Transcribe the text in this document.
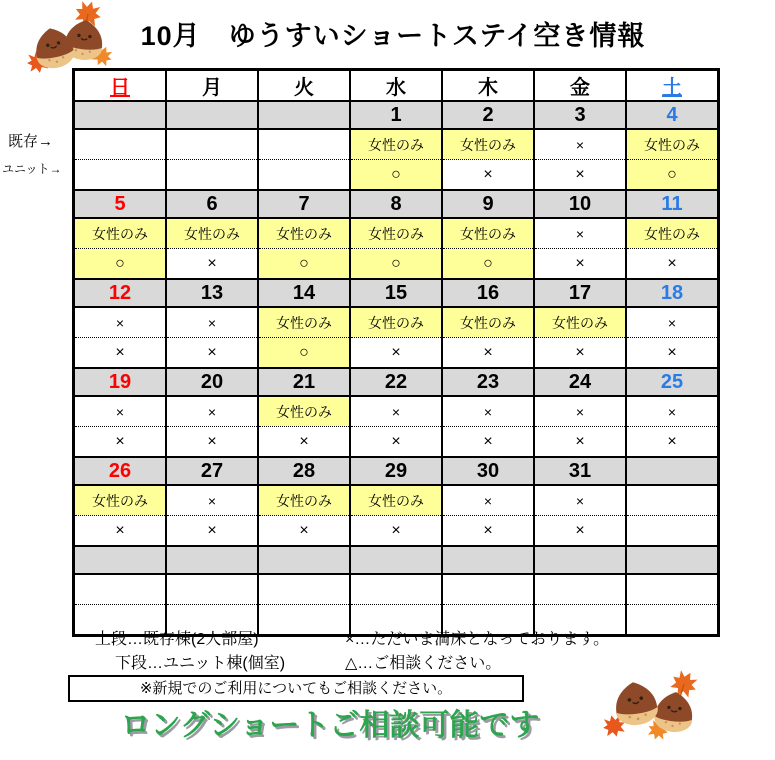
10月　ゆうすいショートステイ空き情報
既存→
ユニット→
日	月	火	水	木	金	土
			1	2	3	4
			女性のみ	女性のみ	×	女性のみ
			○	×	×	○
5	6	7	8	9	10	11
女性のみ	女性のみ	女性のみ	女性のみ	女性のみ	×	女性のみ
○	×	○	○	○	×	×
12	13	14	15	16	17	18
×	×	女性のみ	女性のみ	女性のみ	女性のみ	×
×	×	○	×	×	×	×
19	20	21	22	23	24	25
×	×	女性のみ	×	×	×	×
×	×	×	×	×	×	×
26	27	28	29	30	31	
女性のみ	×	女性のみ	女性のみ	×	×	
×	×	×	×	×	×	

上段…既存棟(2人部屋)	×…ただいま満床となっております。
下段…ユニット棟(個室)	△…ご相談ください。
※新規でのご利用についてもご相談ください。
ロングショートご相談可能です
